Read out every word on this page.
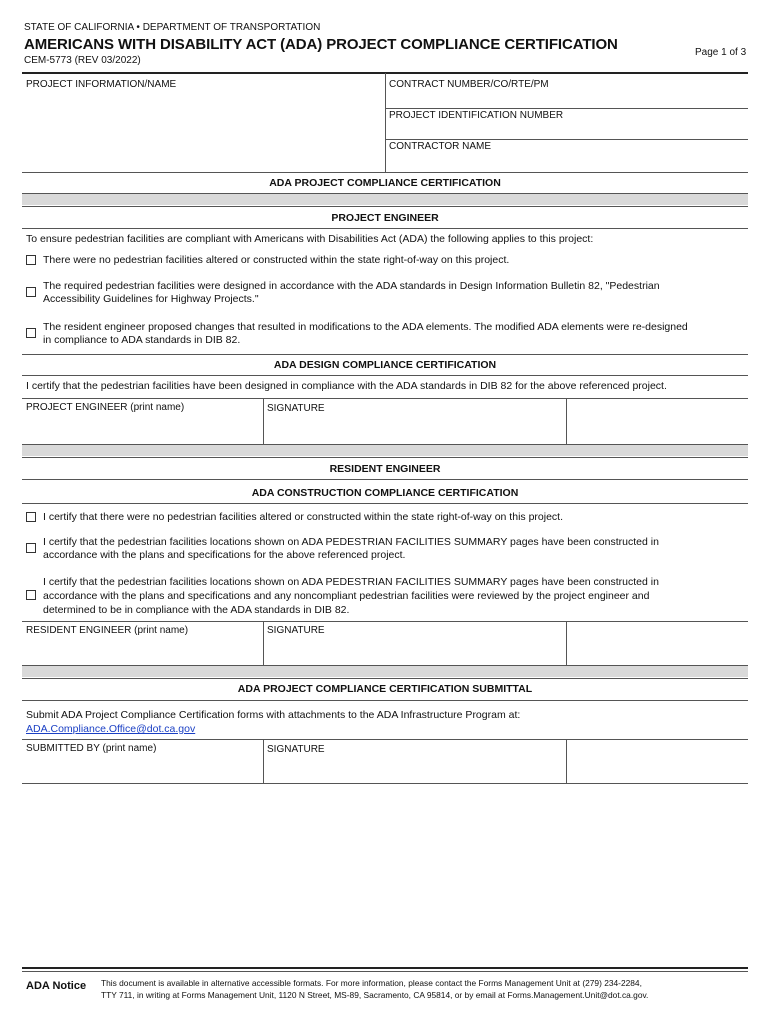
STATE OF CALIFORNIA • DEPARTMENT OF TRANSPORTATION
AMERICANS WITH DISABILITY ACT (ADA) PROJECT COMPLIANCE CERTIFICATION
CEM-5773 (REV 03/2022)
Page 1 of 3
PROJECT INFORMATION/NAME	CONTRACT NUMBER/CO/RTE/PM
PROJECT IDENTIFICATION NUMBER
CONTRACTOR NAME
ADA PROJECT COMPLIANCE CERTIFICATION
PROJECT ENGINEER
To ensure pedestrian facilities are compliant with Americans with Disabilities Act (ADA) the following applies to this project:
There were no pedestrian facilities altered or constructed within the state right-of-way on this project.
The required pedestrian facilities were designed in accordance with the ADA standards in Design Information Bulletin 82, "Pedestrian
Accessibility Guidelines for Highway Projects."
The resident engineer proposed changes that resulted in modifications to the ADA elements. The modified ADA elements were re-designed
in compliance to ADA standards in DIB 82.
ADA DESIGN COMPLIANCE CERTIFICATION
I certify that the pedestrian facilities have been designed in compliance with the ADA standards in DIB 82 for the above referenced project.
PROJECT ENGINEER (print name)	SIGNATURE
RESIDENT ENGINEER
ADA CONSTRUCTION COMPLIANCE CERTIFICATION
I certify that there were no pedestrian facilities altered or constructed within the state right-of-way on this project.
I certify that the pedestrian facilities locations shown on ADA PEDESTRIAN FACILITIES SUMMARY pages have been constructed in
accordance with the plans and specifications for the above referenced project.
I certify that the pedestrian facilities locations shown on ADA PEDESTRIAN FACILITIES SUMMARY pages have been constructed in
accordance with the plans and specifications and any noncompliant pedestrian facilities were reviewed by the project engineer and
determined to be in compliance with the ADA standards in DIB 82.
RESIDENT ENGINEER (print name)	SIGNATURE
ADA PROJECT COMPLIANCE CERTIFICATION SUBMITTAL
Submit ADA Project Compliance Certification forms with attachments to the ADA Infrastructure Program at:
ADA.Compliance.Office@dot.ca.gov
SUBMITTED BY (print name)	SIGNATURE
ADA Notice This document is available in alternative accessible formats. For more information, please contact the Forms Management Unit at (279) 234-2284,
TTY 711, in writing at Forms Management Unit, 1120 N Street, MS-89, Sacramento, CA 95814, or by email at Forms.Management.Unit@dot.ca.gov.
